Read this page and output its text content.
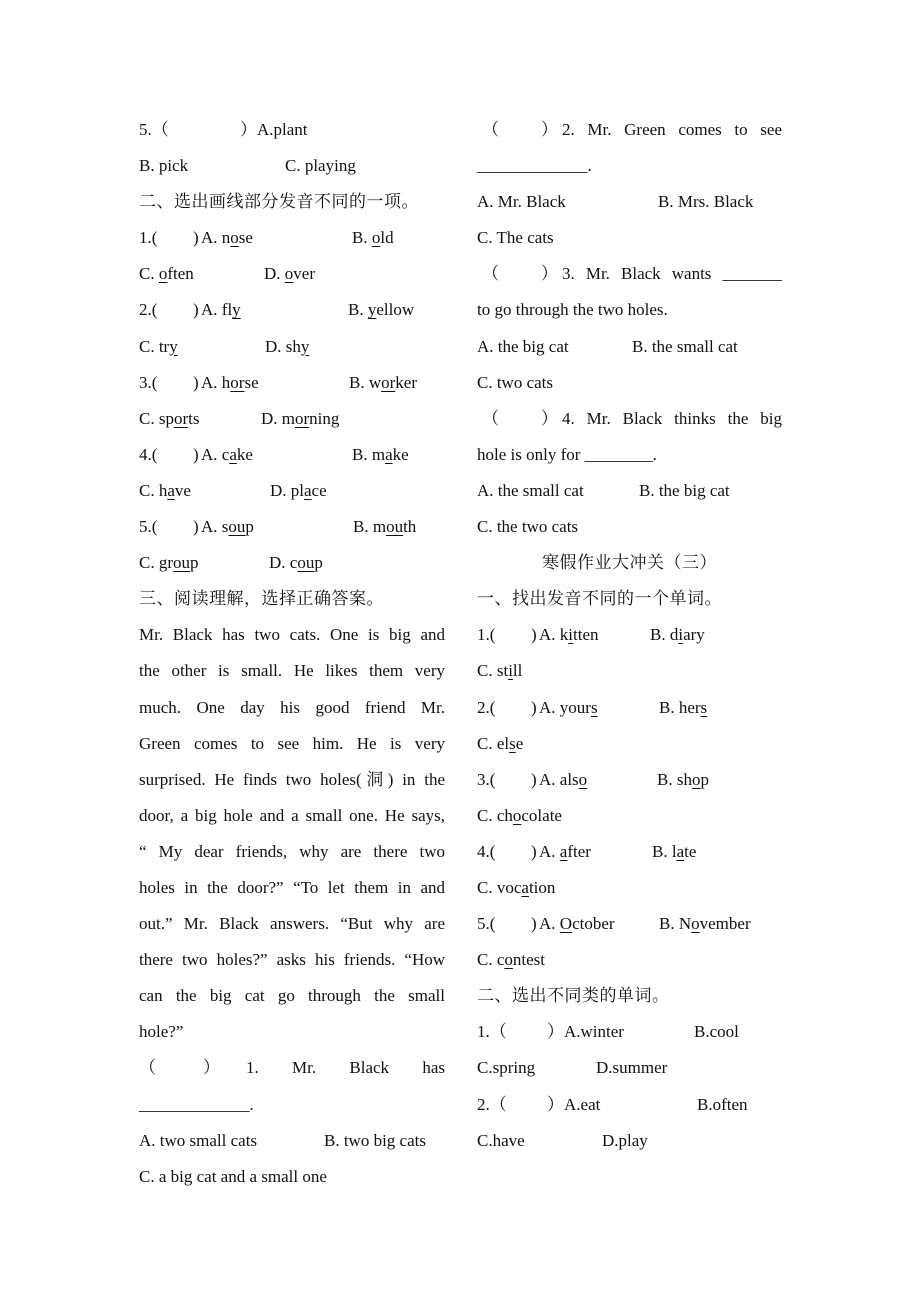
5.（	） A.plant
B. pick	C. playing
二、选出画线部分发音不同的一项。
1.( ) A. nose	B. old
C. often	D. over
2.( ) A. fly	B. yellow
C. try	D. shy
3.( ) A. horse	B. worker
C. sports	D. morning
4.( ) A. cake	B. make
C. have	D. place
5.( ) A. soup	B. mouth
C. group	D. coup
三、阅读理解，选择正确答案。
Mr. Black has two cats. One is big and
the other is small. He likes them very
much. One day his good friend Mr.
Green comes to see him. He is very
surprised. He finds two holes(洞) in the
door, a big hole and a small one. He says,
“ My dear friends, why are there two
holes in the door?” “To let them in and
out.” Mr. Black answers. “But why are
there two holes?” asks his friends. “How
can the big cat go through the small
hole?”
（	） 1. Mr. Black has
_____________.
A. two small cats	B. two big cats
C. a big cat and a small one
（ ） 2. Mr. Green comes to see
_____________.
A. Mr. Black	B. Mrs. Black
C. The cats
（ ） 3. Mr. Black wants _______
to go through the two holes.
A. the big cat	B. the small cat
C. two cats
（ ） 4. Mr. Black thinks the big
hole is only for ________.
A. the small cat	B. the big cat
C. the two cats
寒假作业大冲关（三）
一、找出发音不同的一个单词。
1.( ) A. kitten	B. diary
C. still
2.( ) A. yours	B. hers
C. else
3.( ) A. also	B. shop
C. chocolate
4.( ) A. after	B. late
C. vocation
5.( ) A. October	B. November
C. contest
二、选出不同类的单词。
1.（ ） A.winter	B.cool
C.spring	D.summer
2.（ ） A.eat	B.often
C.have	D.play
